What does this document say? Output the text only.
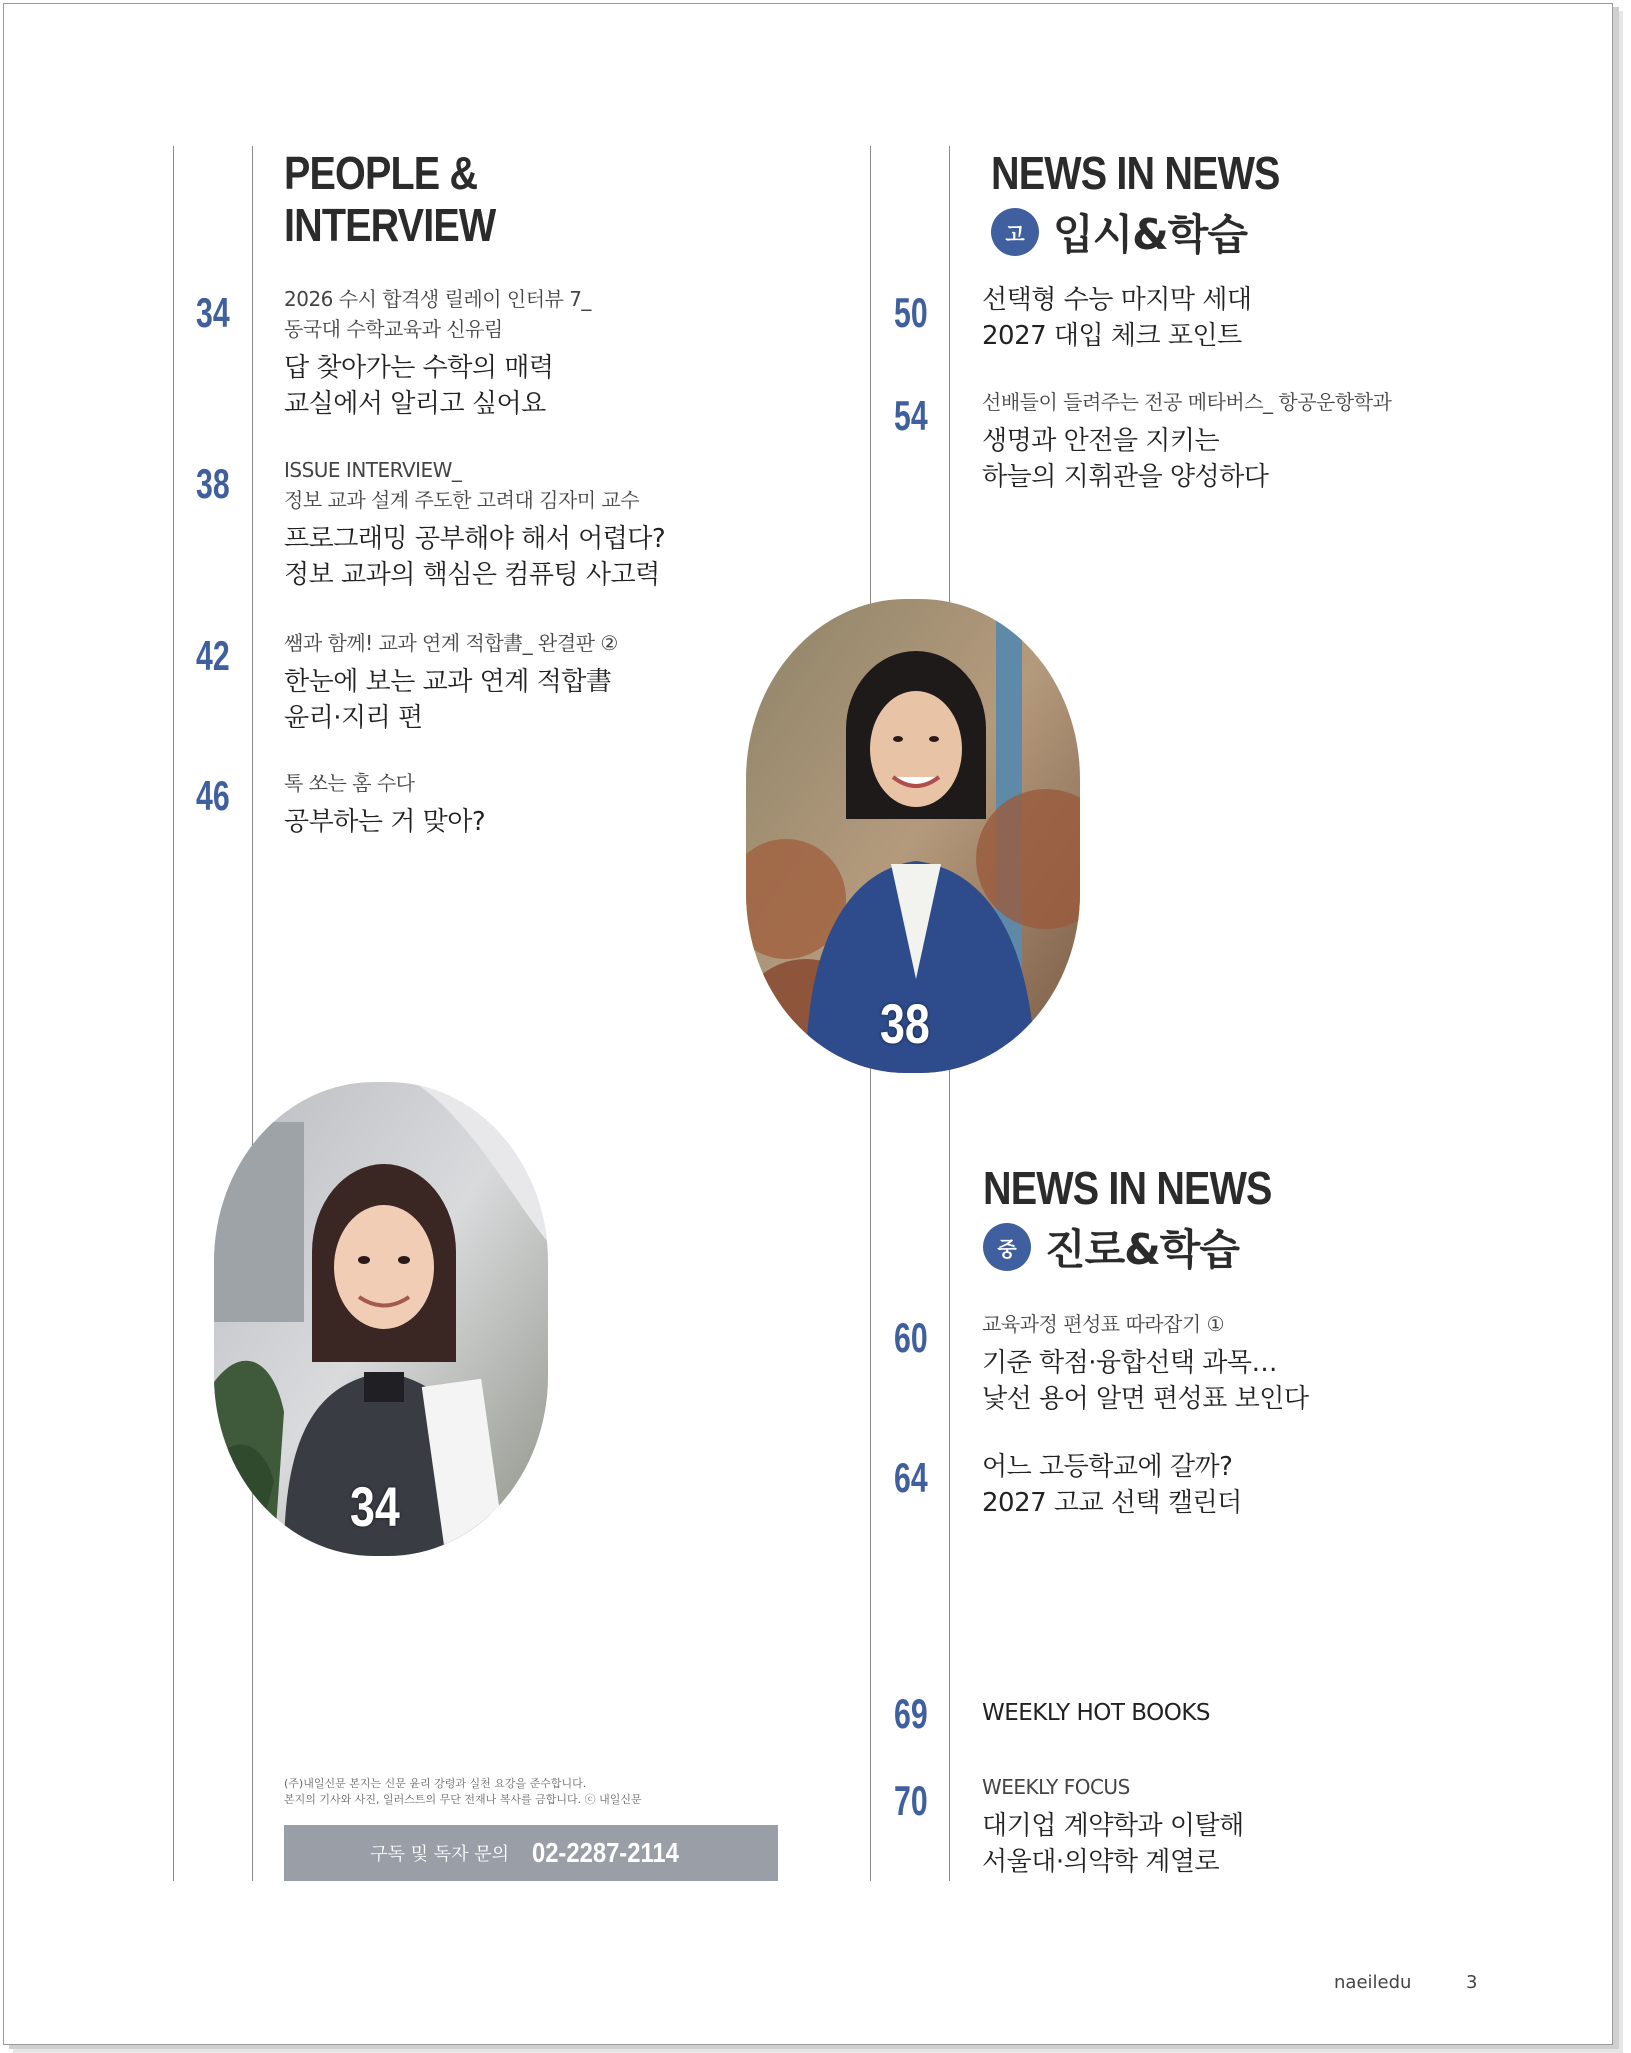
PEOPLE &
INTERVIEW
34	2026 수시 합격생 릴레이 인터뷰 7_
동국대 수학교육과 신유림
답 찾아가는 수학의 매력
교실에서 알리고 싶어요
38	ISSUE INTERVIEW_
정보 교과 설계 주도한 고려대 김자미 교수
프로그래밍 공부해야 해서 어렵다?
정보 교과의 핵심은 컴퓨팅 사고력
42	쌤과 함께! 교과 연계 적합書_ 완결판 ②
한눈에 보는 교과 연계 적합書
윤리·지리 편
46	톡 쏘는 홈 수다
공부하는 거 맞아?
34
NEWS IN NEWS
고 입시&학습
50 선택형 수능 마지막 세대
2027 대입 체크 포인트
54	선배들이 들려주는 전공 메타버스_ 항공운항학과
생명과 안전을 지키는
하늘의 지휘관을 양성하다
38
NEWS IN NEWS
중 진로&학습
60	교육과정 편성표 따라잡기 ①
기준 학점·융합선택 과목…
낯선 용어 알면 편성표 보인다
64 어느 고등학교에 갈까?
2027 고교 선택 캘린더
69 WEEKLY HOT BOOKS
70	WEEKLY FOCUS
대기업 계약학과 이탈해
서울대·의약학 계열로
(주)내일신문 본지는 신문 윤리 강령과 실천 요강을 준수합니다.
본지의 기사와 사진, 일러스트의 무단 전재나 복사를 금합니다. ⓒ 내일신문
구독 및 독자 문의 02-2287-2114
naeiledu	3
